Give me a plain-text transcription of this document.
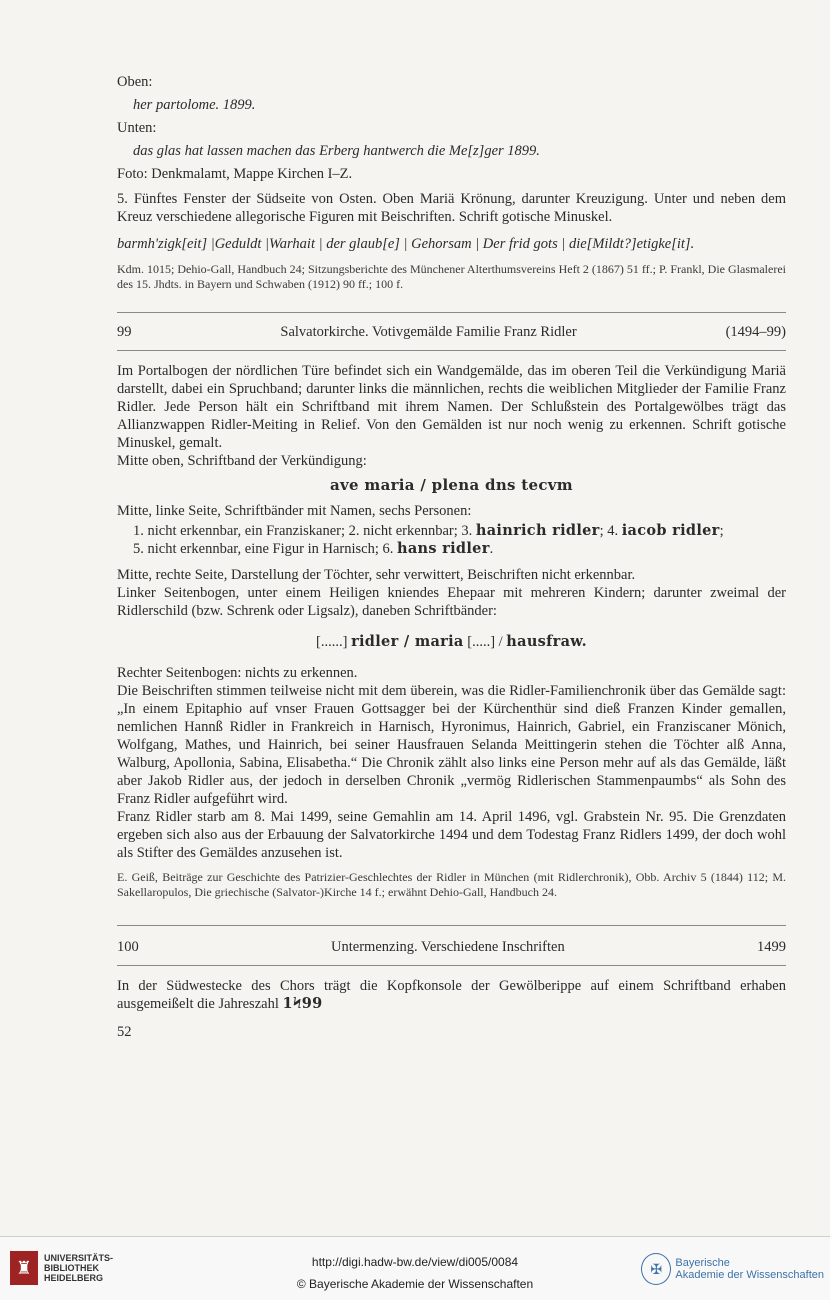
Oben:

her partolome. 1899.

Unten:

das glas hat lassen machen das Erberg hantwerch die Me[z]ger 1899.

Foto: Denkmalamt, Mappe Kirchen I–Z.

5. Fünftes Fenster der Südseite von Osten. Oben Mariä Krönung, darunter Kreuzigung. Unter und neben dem Kreuz verschiedene allegorische Figuren mit Beischriften. Schrift gotische Minuskel.

barmh'zigk[eit] |Geduldt |Warhait | der glaub[e] | Gehorsam | Der frid gots | die[Mildt?]etigke[it].

Kdm. 1015; Dehio-Gall, Handbuch 24; Sitzungsberichte des Münchener Alterthumsvereins Heft 2 (1867) 51 ff.; P. Frankl, Die Glasmalerei des 15. Jhdts. in Bayern und Schwaben (1912) 90 ff.; 100 f.

99	Salvatorkirche. Votivgemälde Familie Franz Ridler	(1494–99)

Im Portalbogen der nördlichen Türe befindet sich ein Wandgemälde, das im oberen Teil die Verkündigung Mariä darstellt, dabei ein Spruchband; darunter links die männlichen, rechts die weiblichen Mitglieder der Familie Franz Ridler. Jede Person hält ein Schriftband mit ihrem Namen. Der Schlußstein des Portalgewölbes trägt das Allianzwappen Ridler-Meiting in Relief. Von den Gemälden ist nur noch wenig zu erkennen. Schrift gotische Minuskel, gemalt.

Mitte oben, Schriftband der Verkündigung:

ave maria / plena dns tecvm

Mitte, linke Seite, Schriftbänder mit Namen, sechs Personen:

1. nicht erkennbar, ein Franziskaner; 2. nicht erkennbar; 3. hainrich ridler; 4. iacob ridler;

5. nicht erkennbar, eine Figur in Harnisch; 6. hans ridler.

Mitte, rechte Seite, Darstellung der Töchter, sehr verwittert, Beischriften nicht erkennbar.

Linker Seitenbogen, unter einem Heiligen kniendes Ehepaar mit mehreren Kindern; darunter zweimal der Ridlerschild (bzw. Schrenk oder Ligsalz), daneben Schriftbänder:

[......] ridler / maria [.....] / hausfraw.

Rechter Seitenbogen: nichts zu erkennen.

Die Beischriften stimmen teilweise nicht mit dem überein, was die Ridler-Familienchronik über das Gemälde sagt: „In einem Epitaphio auf vnser Frauen Gottsagger bei der Kürchenthür sind dieß Franzen Kinder gemallen, nemlichen Hannß Ridler in Frankreich in Harnisch, Hyronimus, Hainrich, Gabriel, ein Franziscaner Mönich, Wolfgang, Mathes, und Hainrich, bei seiner Hausfrauen Selanda Meittingerin stehen die Töchter alß Anna, Walburg, Apollonia, Sabina, Elisabetha.“ Die Chronik zählt also links eine Person mehr auf als das Gemälde, läßt aber Jakob Ridler aus, der jedoch in derselben Chronik „vermög Ridlerischen Stammenpaumbs“ als Sohn des Franz Ridler aufgeführt wird.

Franz Ridler starb am 8. Mai 1499, seine Gemahlin am 14. April 1496, vgl. Grabstein Nr. 95. Die Grenzdaten ergeben sich also aus der Erbauung der Salvatorkirche 1494 und dem Todestag Franz Ridlers 1499, der doch wohl als Stifter des Gemäldes anzusehen ist.

E. Geiß, Beiträge zur Geschichte des Patrizier-Geschlechtes der Ridler in München (mit Ridlerchronik), Obb. Archiv 5 (1844) 112; M. Sakellaropulos, Die griechische (Salvator-)Kirche 14 f.; erwähnt Dehio-Gall, Handbuch 24.

100	Untermenzing. Verschiedene Inschriften	1499

In der Südwestecke des Chors trägt die Kopfkonsole der Gewölberippe auf einem Schriftband erhaben ausgemeißelt die Jahreszahl 1Ϟ99

52

♜	UNIVERSITÄTS-
BIBLIOTHEK
HEIDELBERG
http://digi.hadw-bw.de/view/di005/0084
© Bayerische Akademie der Wissenschaften
✠	Bayerische
Akademie der Wissenschaften
